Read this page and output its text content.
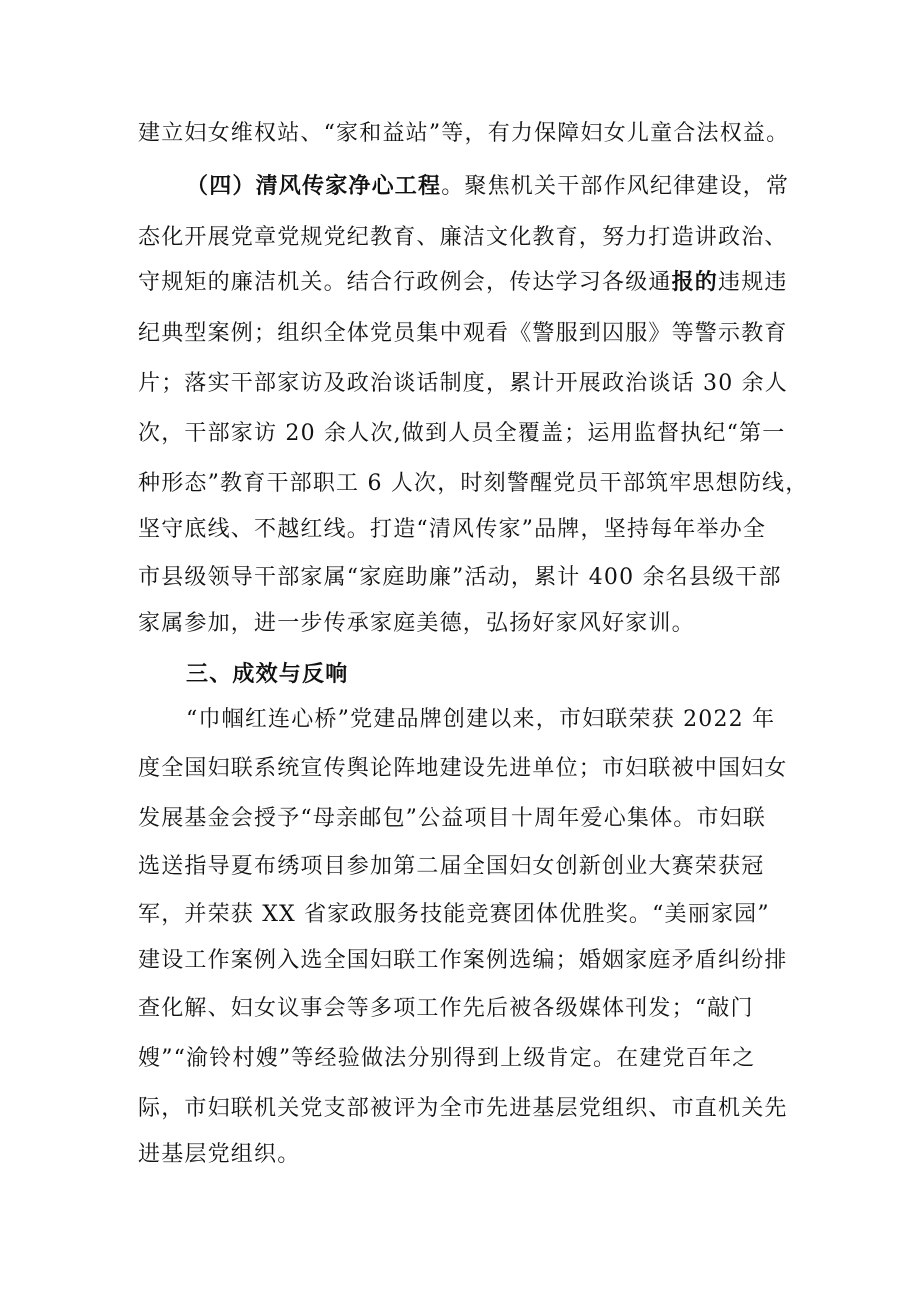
建立妇女维权站、“家和益站”等，有力保障妇女儿童合法权益。
（四）清风传家净心工程。聚焦机关干部作风纪律建设，常
态化开展党章党规党纪教育、廉洁文化教育，努力打造讲政治、
守规矩的廉洁机关。结合行政例会，传达学习各级通报的违规违
纪典型案例；组织全体党员集中观看《警服到囚服》等警示教育
片；落实干部家访及政治谈话制度，累计开展政治谈话 30 余人
次，干部家访 20 余人次,做到人员全覆盖；运用监督执纪“第一
种形态”教育干部职工 6 人次，时刻警醒党员干部筑牢思想防线，
坚守底线、不越红线。打造“清风传家”品牌，坚持每年举办全
市县级领导干部家属“家庭助廉”活动，累计 400 余名县级干部
家属参加，进一步传承家庭美德，弘扬好家风好家训。
三、成效与反响
“巾帼红连心桥”党建品牌创建以来，市妇联荣获 2022 年
度全国妇联系统宣传舆论阵地建设先进单位；市妇联被中国妇女
发展基金会授予“母亲邮包”公益项目十周年爱心集体。市妇联
选送指导夏布绣项目参加第二届全国妇女创新创业大赛荣获冠
军，并荣获 XX 省家政服务技能竞赛团体优胜奖。“美丽家园”
建设工作案例入选全国妇联工作案例选编；婚姻家庭矛盾纠纷排
查化解、妇女议事会等多项工作先后被各级媒体刊发；“敲门
嫂”“渝铃村嫂”等经验做法分别得到上级肯定。在建党百年之
际，市妇联机关党支部被评为全市先进基层党组织、市直机关先
进基层党组织。
